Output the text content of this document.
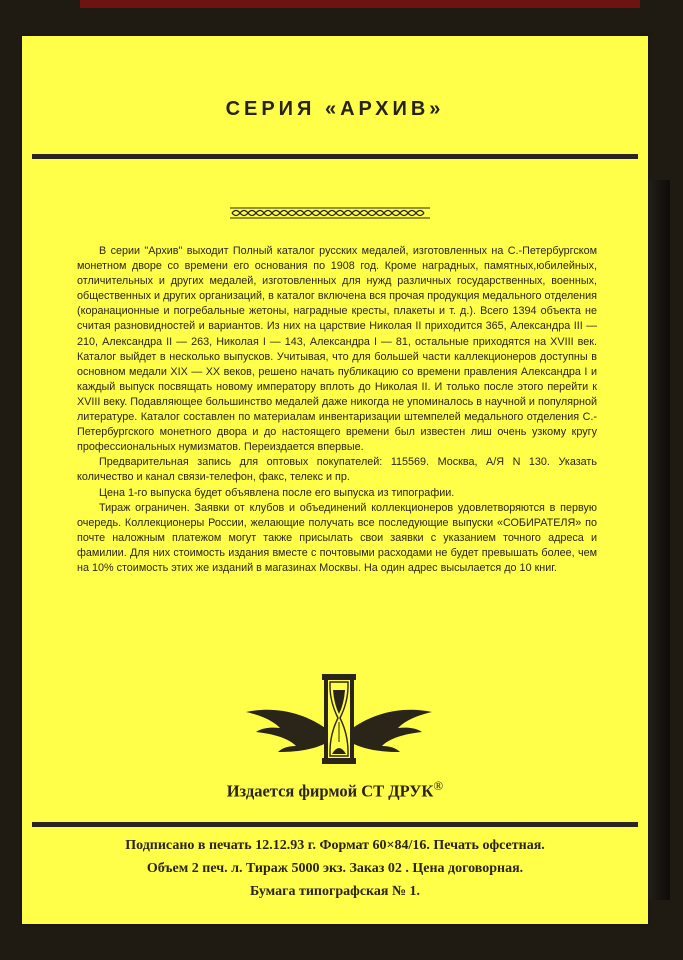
СЕРИЯ «АРХИВ»

В серии "Архив" выходит Полный каталог русских медалей, изготовленных на С.-Петербургском монетном дворе со времени его основания по 1908 год. Кроме наградных, памятных,юбилейных, отличительных и других медалей, изготовленных для нужд различных государственных, военных, общественных и других организаций, в каталог включена вся прочая продукция медального отделения (коранационные и погребальные жетоны, наградные кресты, плакеты и т. д.). Всего 1394 объекта не считая разновидностей и вариантов. Из них на царствие Николая II приходится 365, Александра III — 210, Александра II — 263, Николая I — 143, Александра I — 81, остальные приходятся на XVIII век. Каталог выйдет в несколько выпусков. Учитывая, что для большей части каллекционеров доступны в основном медали XIX — XX веков, решено начать публикацию со времени правления Александра I и каждый выпуск посвящать новому императору вплоть до Николая II. И только после этого перейти к XVIII веку. Подавляющее большинство медалей даже никогда не упоминалось в научной и популярной литературе. Каталог составлен по материалам инвентаризации штемпелей медального отделения С.-Петербургского монетного двора и до настоящего времени был известен лиш очень узкому кругу профессиональных нумизматов. Переиздается впервые.

Предварительная запись для оптовых покупателей: 115569. Москва, А/Я N 130. Указать количество и канал связи-телефон, факс, телекс и пр.

Цена 1-го выпуска будет объявлена после его выпуска из типографии.

Тираж ограничен. Заявки от клубов и объединений коллекционеров удовлетворяются в первую очередь. Коллекционеры России, желающие получать все последующие выпуски «СОБИРАТЕЛЯ» по почте наложным платежом могут также присылать свои заявки с указанием точного адреса и фамилии. Для них стоимость издания вместе с почтовыми расходами не будет превышать более, чем на 10% стоимость этих же изданий в магазинах Москвы. На один адрес высылается до 10 книг.

Издается фирмой СТ ДРУК®
Подписано в печать 12.12.93 г. Формат 60×84/16. Печать офсетная.
Объем 2 печ. л. Тираж 5000 экз. Заказ 02 . Цена договорная.
Бумага типографская № 1.
